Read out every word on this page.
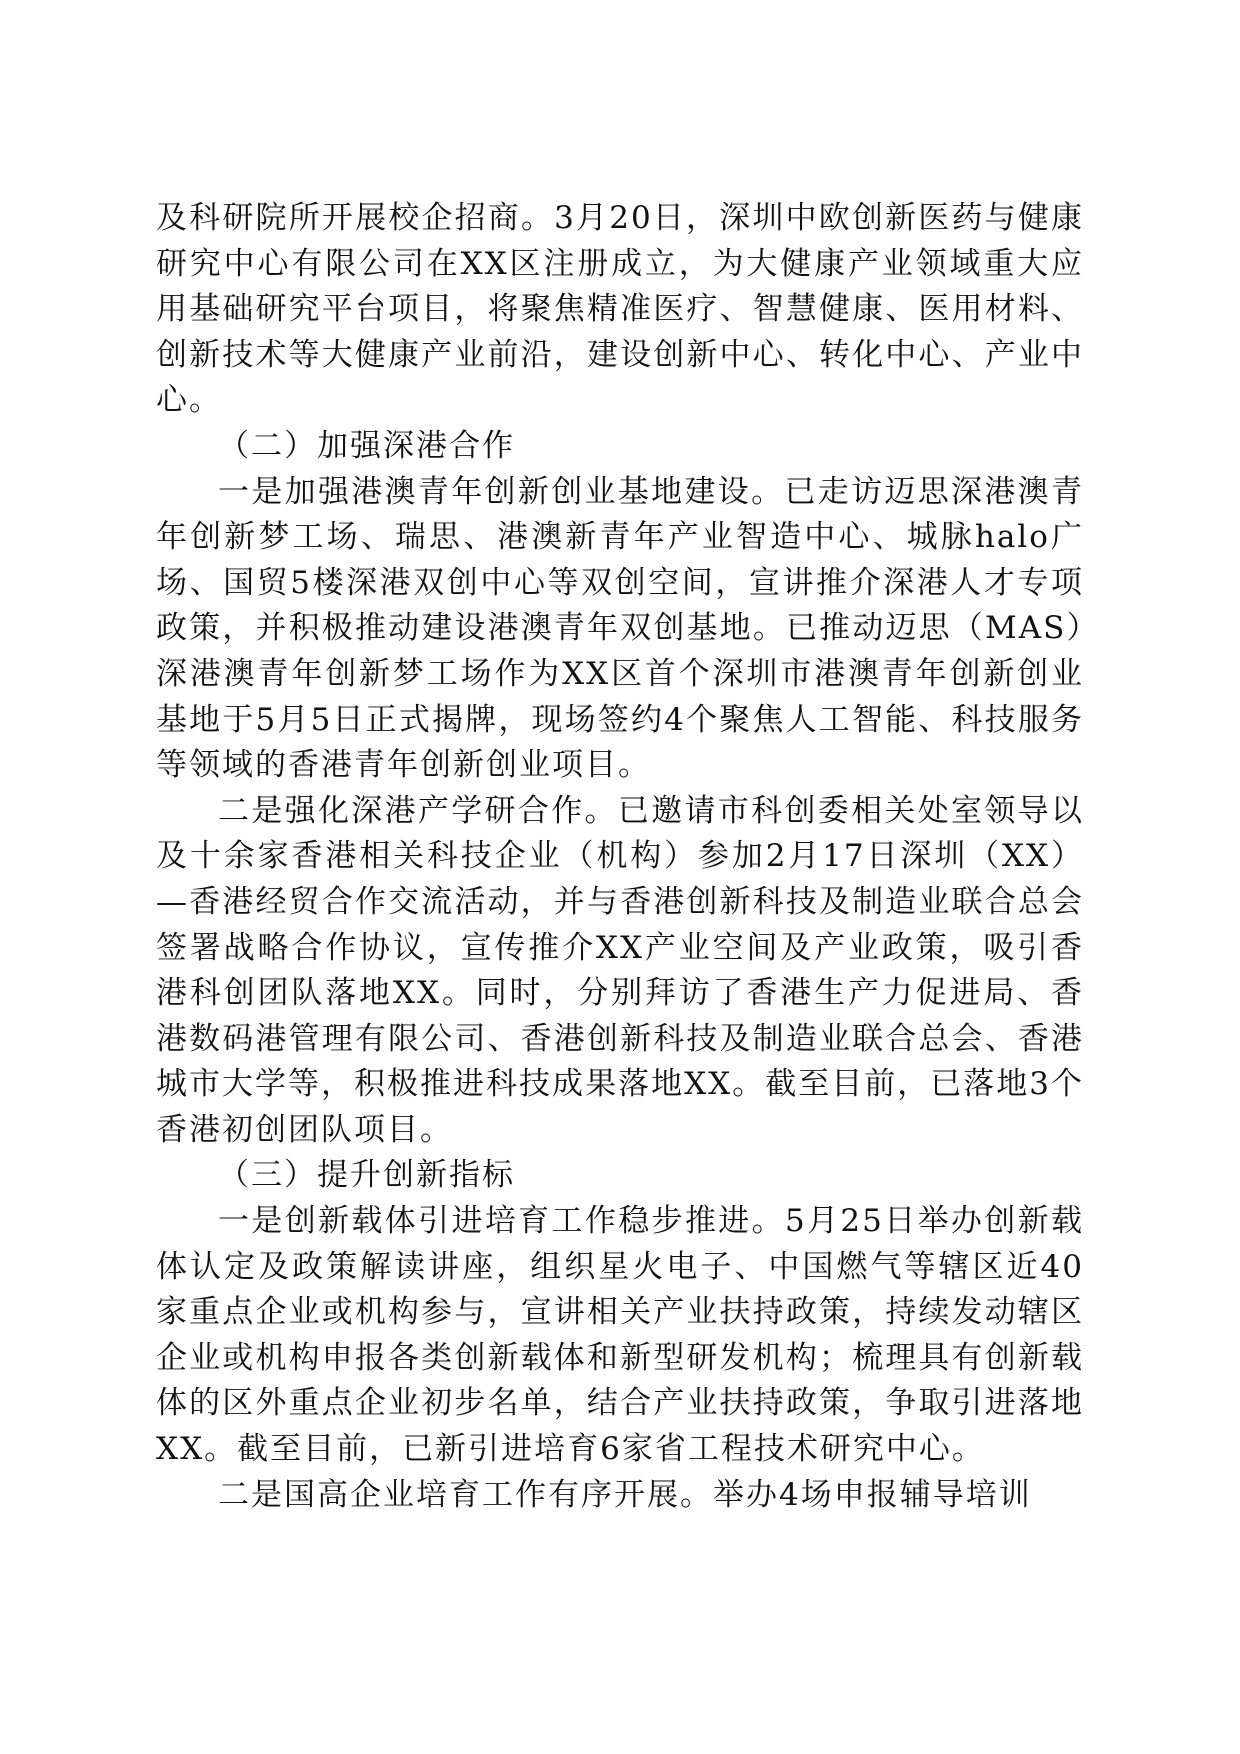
及科研院所开展校企招商。3月20日，深圳中欧创新医药与健康研究中心有限公司在XX区注册成立，为大健康产业领域重大应用基础研究平台项目，将聚焦精准医疗、智慧健康、医用材料、创新技术等大健康产业前沿，建设创新中心、转化中心、产业中心。

（二）加强深港合作

一是加强港澳青年创新创业基地建设。已走访迈思深港澳青年创新梦工场、瑞思、港澳新青年产业智造中心、城脉halo广场、国贸5楼深港双创中心等双创空间，宣讲推介深港人才专项政策，并积极推动建设港澳青年双创基地。已推动迈思（MAS）深港澳青年创新梦工场作为XX区首个深圳市港澳青年创新创业基地于5月5日正式揭牌，现场签约4个聚焦人工智能、科技服务等领域的香港青年创新创业项目。

二是强化深港产学研合作。已邀请市科创委相关处室领导以及十余家香港相关科技企业（机构）参加2月17日深圳（XX）—香港经贸合作交流活动，并与香港创新科技及制造业联合总会签署战略合作协议，宣传推介XX产业空间及产业政策，吸引香港科创团队落地XX。同时，分别拜访了香港生产力促进局、香港数码港管理有限公司、香港创新科技及制造业联合总会、香港城市大学等，积极推进科技成果落地XX。截至目前，已落地3个香港初创团队项目。

（三）提升创新指标

一是创新载体引进培育工作稳步推进。5月25日举办创新载体认定及政策解读讲座，组织星火电子、中国燃气等辖区近40家重点企业或机构参与，宣讲相关产业扶持政策，持续发动辖区企业或机构申报各类创新载体和新型研发机构；梳理具有创新载体的区外重点企业初步名单，结合产业扶持政策，争取引进落地XX。截至目前，已新引进培育6家省工程技术研究中心。

二是国高企业培育工作有序开展。举办4场申报辅导培训
